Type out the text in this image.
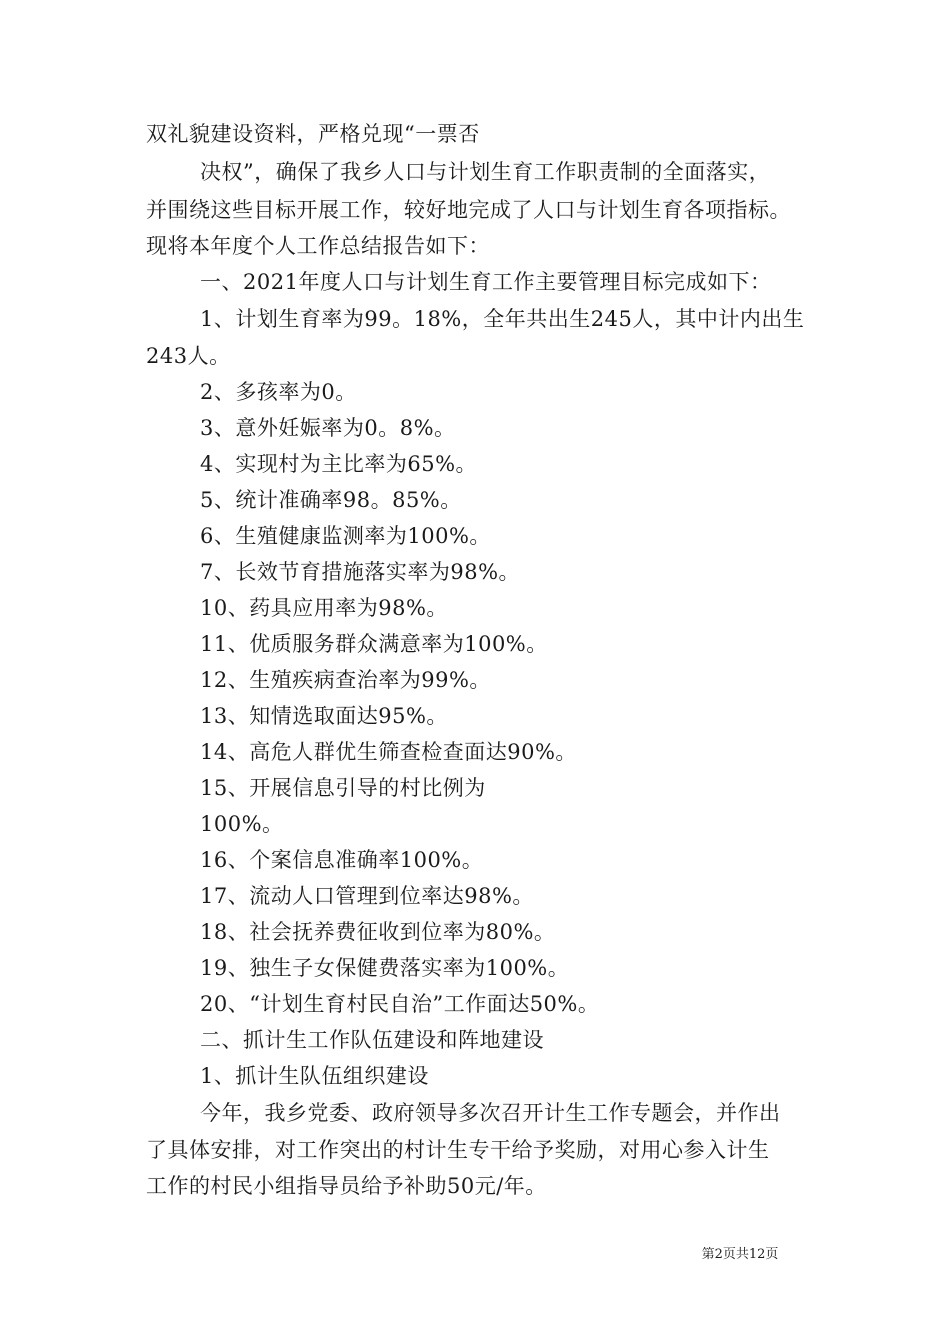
双礼貌建设资料，严格兑现“一票否
决权”，确保了我乡人口与计划生育工作职责制的全面落实，
并围绕这些目标开展工作，较好地完成了人口与计划生育各项指标。
现将本年度个人工作总结报告如下：
一、2021年度人口与计划生育工作主要管理目标完成如下：
1、计划生育率为99。18%，全年共出生245人，其中计内出生
243人。
2、多孩率为0。
3、意外妊娠率为0。8%。
4、实现村为主比率为65%。
5、统计准确率98。85%。
6、生殖健康监测率为100%。
7、长效节育措施落实率为98%。
10、药具应用率为98%。
11、优质服务群众满意率为100%。
12、生殖疾病查治率为99%。
13、知情选取面达95%。
14、高危人群优生筛查检查面达90%。
15、开展信息引导的村比例为
100%。
16、个案信息准确率100%。
17、流动人口管理到位率达98%。
18、社会抚养费征收到位率为80%。
19、独生子女保健费落实率为100%。
20、“计划生育村民自治”工作面达50%。
二、抓计生工作队伍建设和阵地建设
1、抓计生队伍组织建设
今年，我乡党委、政府领导多次召开计生工作专题会，并作出
了具体安排，对工作突出的村计生专干给予奖励，对用心参入计生
工作的村民小组指导员给予补助50元/年。
第2页共12页
